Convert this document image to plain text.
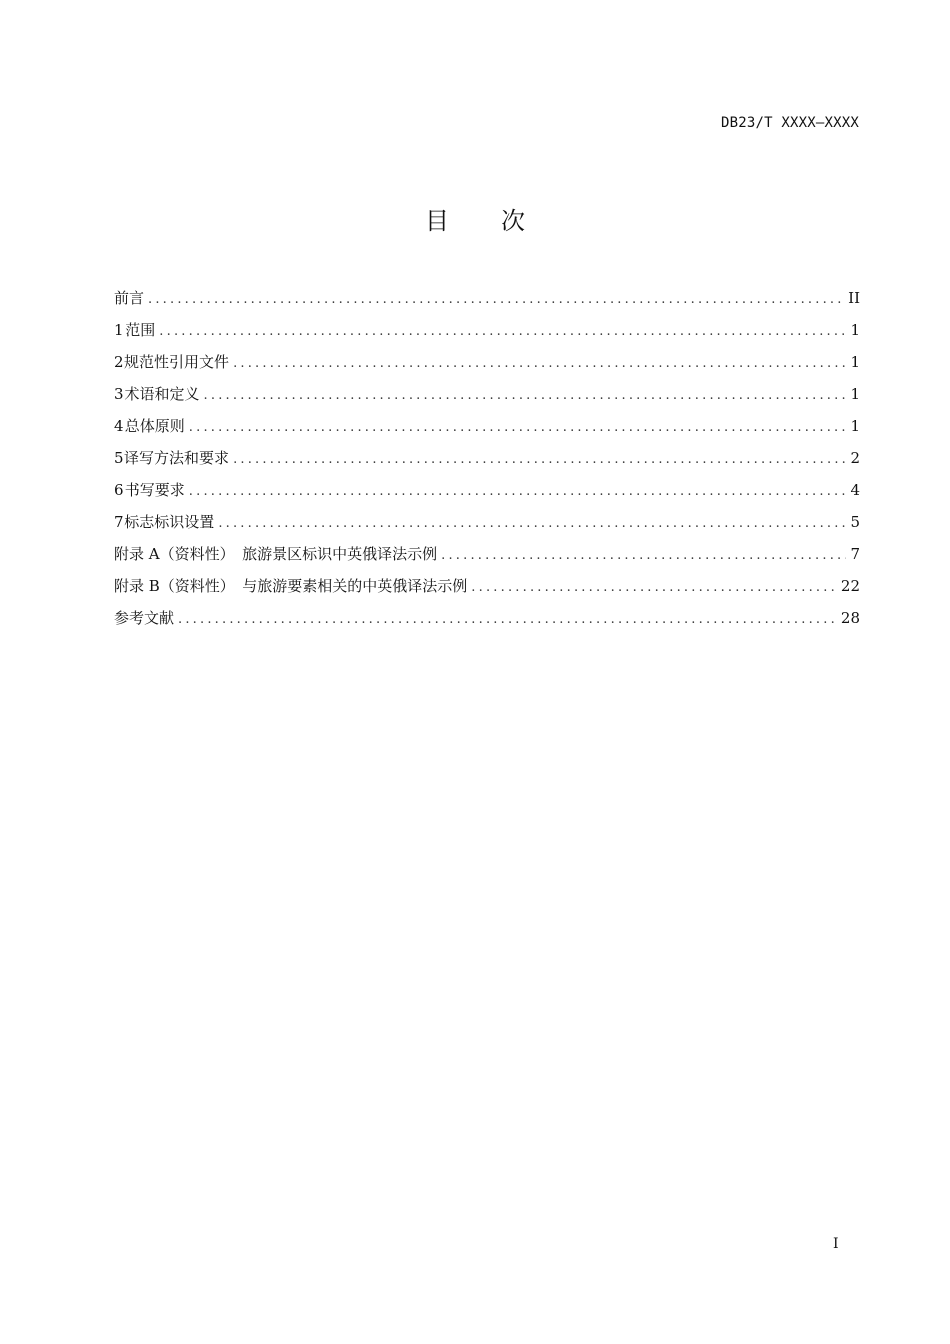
DB23/T XXXX—XXXX
目 次
前言 .....	II
1 范围 .....	1
2 规范性引用文件 .....	1
3 术语和定义 .....	1
4 总体原则 .....	1
5 译写方法和要求 .....	2
6 书写要求 .....	4
7 标志标识设置 .....	5
附录 A（资料性）　旅游景区标识中英俄译法示例 .....	7
附录 B（资料性）　与旅游要素相关的中英俄译法示例 .....	22
参考文献 .....	28
I
